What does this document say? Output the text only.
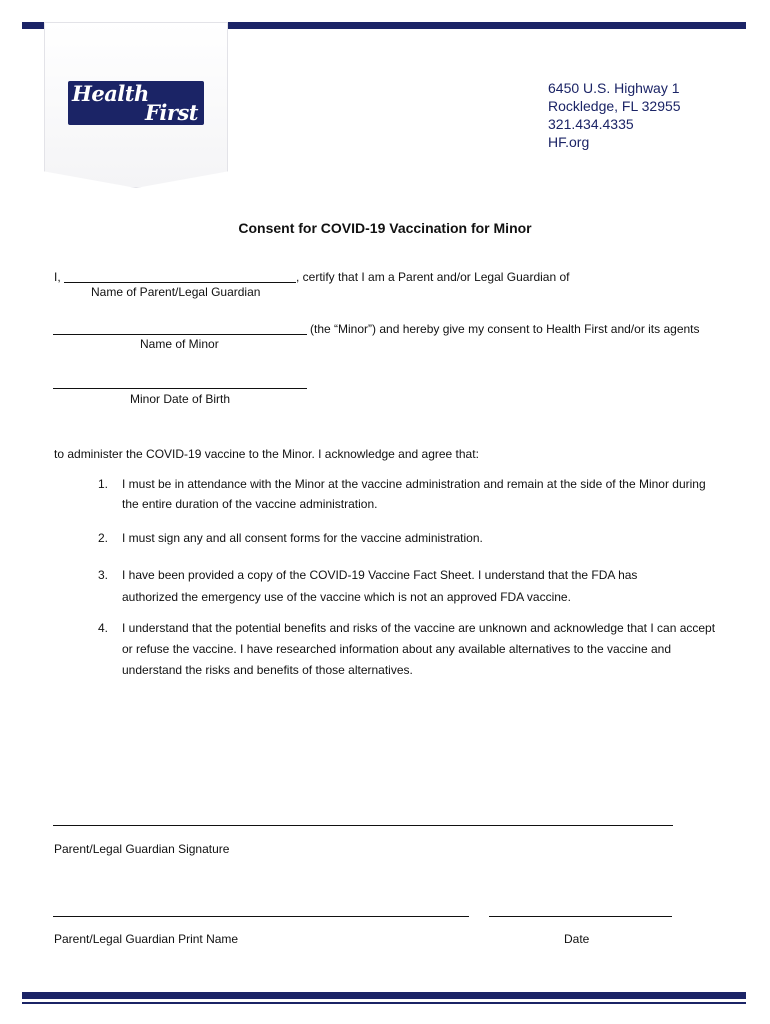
Health
First
6450 U.S. Highway 1
Rockledge, FL 32955
321.434.4335
HF.org
Consent for COVID-19 Vaccination for Minor
I,	, certify that I am a Parent and/or Legal Guardian of
Name of Parent/Legal Guardian
(the “Minor”) and hereby give my consent to Health First and/or its agents
Name of Minor
Minor Date of Birth
to administer the COVID-19 vaccine to the Minor. I acknowledge and agree that:
1.	I must be in attendance with the Minor at the vaccine administration and remain at the side of the Minor during the entire duration of the vaccine administration.
2.	I must sign any and all consent forms for the vaccine administration.
3.	I have been provided a copy of the COVID-19 Vaccine Fact Sheet. I understand that the FDA has authorized the emergency use of the vaccine which is not an approved FDA vaccine.
4.	I understand that the potential benefits and risks of the vaccine are unknown and acknowledge that I can accept or refuse the vaccine. I have researched information about any available alternatives to the vaccine and understand the risks and benefits of those alternatives.
Parent/Legal Guardian Signature
Parent/Legal Guardian Print Name	Date
